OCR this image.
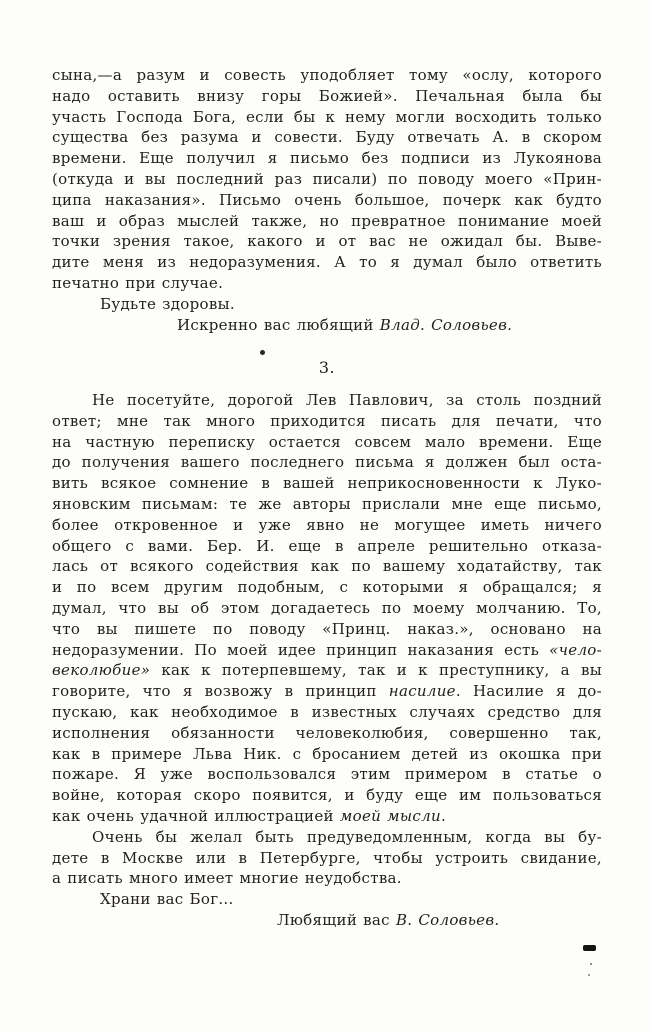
сына,—а разум и совесть уподобляет тому «ослу, которого
надо оставить внизу горы Божией». Печальная была бы
участь Господа Бога, если бы к нему могли восходить только
существа без разума и совести. Буду отвечать А. в скором
времени. Еще получил я письмо без подписи из Лукоянова
(откуда и вы последний раз писали) по поводу моего «Прин-
ципа наказания». Письмо очень большое, почерк как будто
ваш и образ мыслей также, но превратное понимание моей
точки зрения такое, какого и от вас не ожидал бы. Выве-
дите меня из недоразумения. А то я думал было ответить
печатно при случае.
Будьте здоровы.
Искренно вас любящий Влад. Соловьев.
3.
Не посетуйте, дорогой Лев Павлович, за столь поздний
ответ; мне так много приходится писать для печати, что
на частную переписку остается совсем мало времени. Еще
до получения вашего последнего письма я должен был оста-
вить всякое сомнение в вашей неприкосновенности к Луко-
яновским письмам: те же авторы прислали мне еще письмо,
более откровенное и уже явно не могущее иметь ничего
общего с вами. Бер. И. еще в апреле решительно отказа-
лась от всякого содействия как по вашему ходатайству, так
и по всем другим подобным, с которыми я обращался; я
думал, что вы об этом догадаетесь по моему молчанию. То,
что вы пишете по поводу «Принц. наказ.», основано на
недоразумении. По моей идее принцип наказания есть «чело-
веколюбие» как к потерпевшему, так и к преступнику, а вы
говорите, что я возвожу в принцип насилие. Насилие я до-
пускаю, как необходимое в известных случаях средство для
исполнения обязанности человеколюбия, совершенно так,
как в примере Льва Ник. с бросанием детей из окошка при
пожаре. Я уже воспользовался этим примером в статье о
войне, которая скоро появится, и буду еще им пользоваться
как очень удачной иллюстрацией моей мысли.
Очень бы желал быть предуведомленным, когда вы бу-
дете в Москве или в Петербурге, чтобы устроить свидание,
а писать много имеет многие неудобства.
Храни вас Бог...
Любящий вас В. Соловьев.
